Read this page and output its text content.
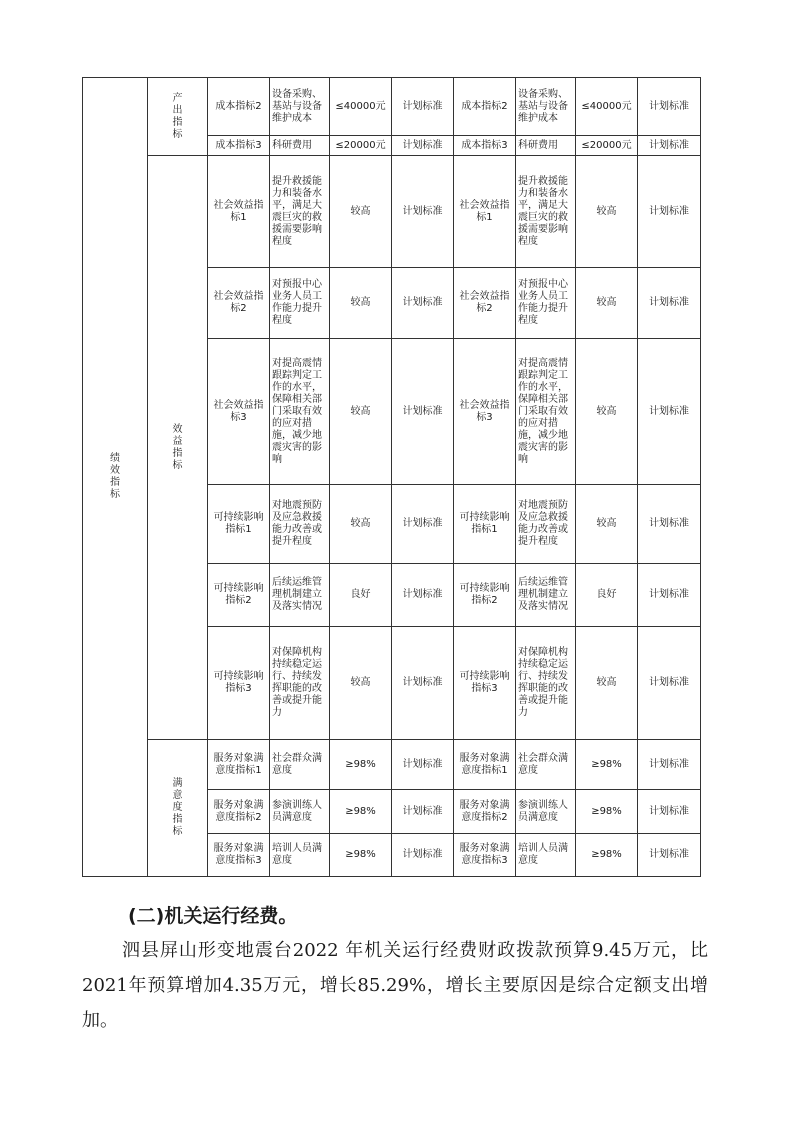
绩效指标	产出指标	成本指标2	设备采购、基站与设备维护成本	≤40000元	计划标准	成本指标2	设备采购、基站与设备维护成本	≤40000元	计划标准
		成本指标3	科研费用	≤20000元	计划标准	成本指标3	科研费用	≤20000元	计划标准
	效益指标	社会效益指标1	提升救援能力和装备水平，满足大震巨灾的救援需要影响程度	较高	计划标准	社会效益指标1	提升救援能力和装备水平，满足大震巨灾的救援需要影响程度	较高	计划标准
		社会效益指标2	对预报中心业务人员工作能力提升程度	较高	计划标准	社会效益指标2	对预报中心业务人员工作能力提升程度	较高	计划标准
		社会效益指标3	对提高震情跟踪判定工作的水平，保障相关部门采取有效的应对措施，减少地震灾害的影响	较高	计划标准	社会效益指标3	对提高震情跟踪判定工作的水平，保障相关部门采取有效的应对措施，减少地震灾害的影响	较高	计划标准
		可持续影响指标1	对地震预防及应急救援能力改善或提升程度	较高	计划标准	可持续影响指标1	对地震预防及应急救援能力改善或提升程度	较高	计划标准
		可持续影响指标2	后续运维管理机制建立及落实情况	良好	计划标准	可持续影响指标2	后续运维管理机制建立及落实情况	良好	计划标准
		可持续影响指标3	对保障机构持续稳定运行、持续发挥职能的改善或提升能力	较高	计划标准	可持续影响指标3	对保障机构持续稳定运行、持续发挥职能的改善或提升能力	较高	计划标准
	满意度指标	服务对象满意度指标1	社会群众满意度	≥98%	计划标准	服务对象满意度指标1	社会群众满意度	≥98%	计划标准
		服务对象满意度指标2	参演训练人员满意度	≥98%	计划标准	服务对象满意度指标2	参演训练人员满意度	≥98%	计划标准
		服务对象满意度指标3	培训人员满意度	≥98%	计划标准	服务对象满意度指标3	培训人员满意度	≥98%	计划标准
(二)机关运行经费。
泗县屏山形变地震台2022 年机关运行经费财政拨款预算9.45万元，比2021年预算增加4.35万元，增长85.29%，增长主要原因是综合定额支出增加。
